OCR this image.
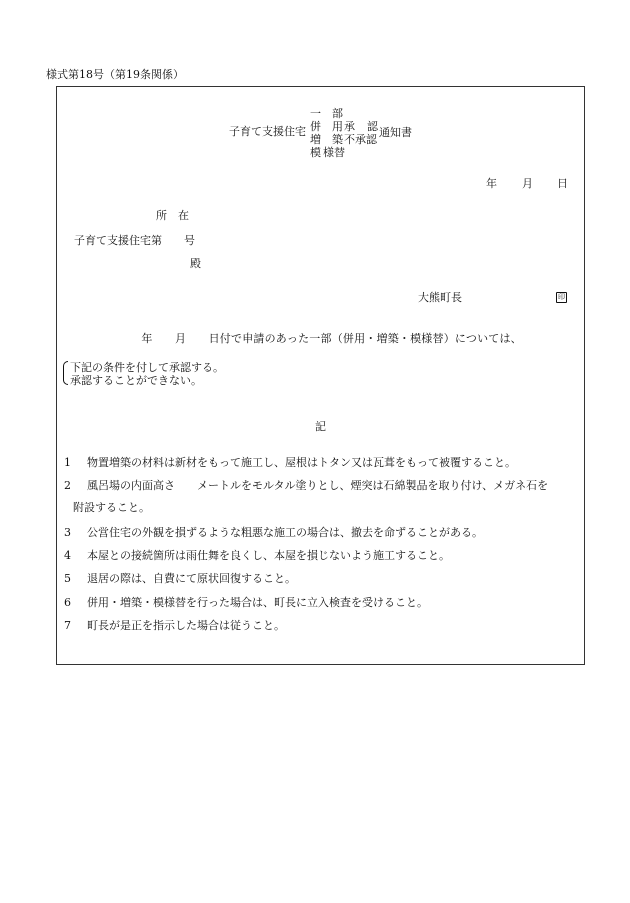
様式第18号（第19条関係）
子育て支援住宅
一
併
増
模
部
用
築
様
承
不
替
認
承認
通知書
年 月 日
所　在
子育て支援住宅第　　号
殿
大熊町長	印
　　年　　月　　日付で申請のあった一部（併用・増築・模様替）については、
下記の条件を付して承認する。
承認することができない。
記
1 物置増築の材料は新材をもって施工し、屋根はトタン又は瓦葺をもって被覆すること。
2 風呂場の内面高さ　　メートルをモルタル塗りとし、煙突は石綿製品を取り付け、メガネ石を
附設すること。
3 公営住宅の外観を損ずるような粗悪な施工の場合は、撤去を命ずることがある。
4 本屋との接続箇所は雨仕舞を良くし、本屋を損じないよう施工すること。
5 退居の際は、自費にて原状回復すること。
6 併用・増築・模様替を行った場合は、町長に立入検査を受けること。
7 町長が是正を指示した場合は従うこと。
